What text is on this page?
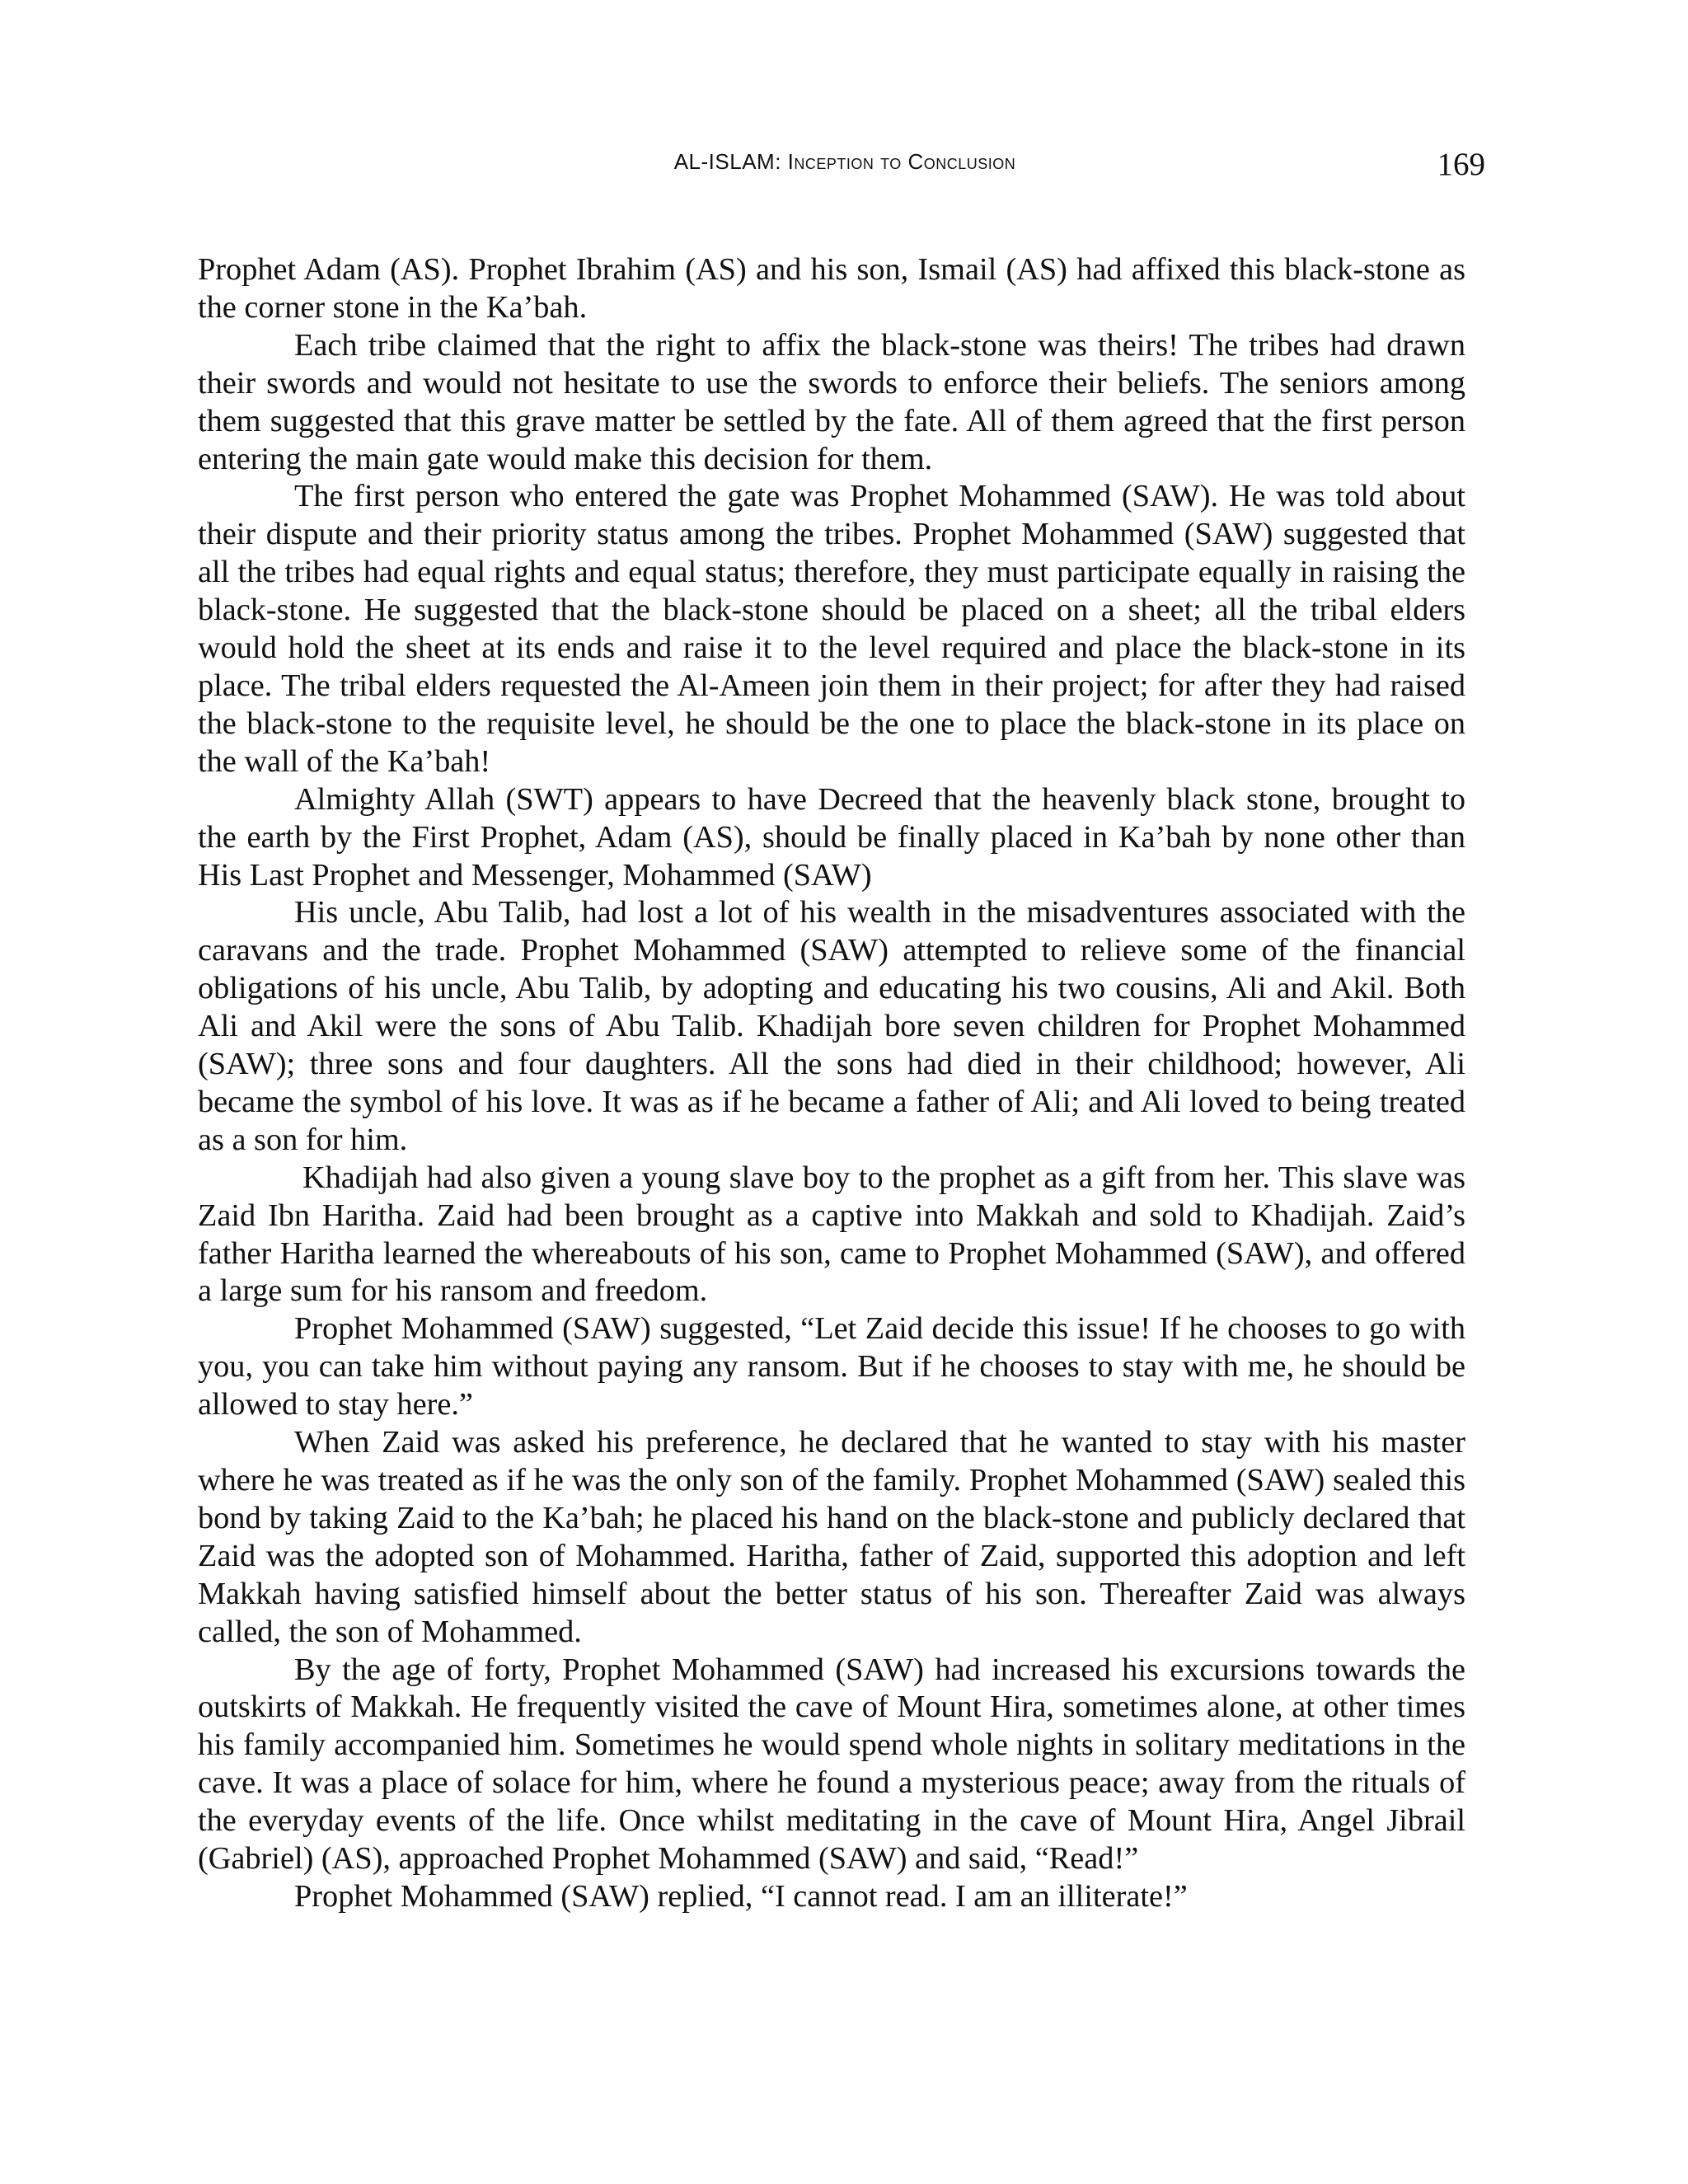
AL-ISLAM: Inception to Conclusion	169

Prophet Adam (AS). Prophet Ibrahim (AS) and his son, Ismail (AS) had affixed this black-stone as the corner stone in the Ka’bah.

Each tribe claimed that the right to affix the black-stone was theirs! The tribes had drawn their swords and would not hesitate to use the swords to enforce their beliefs. The seniors among them suggested that this grave matter be settled by the fate. All of them agreed that the first person entering the main gate would make this decision for them.

The first person who entered the gate was Prophet Mohammed (SAW). He was told about their dispute and their priority status among the tribes. Prophet Mohammed (SAW) suggested that all the tribes had equal rights and equal status; therefore, they must participate equally in raising the black-stone. He suggested that the black-stone should be placed on a sheet; all the tribal elders would hold the sheet at its ends and raise it to the level required and place the black-stone in its place. The tribal elders requested the Al-Ameen join them in their project; for after they had raised the black-stone to the requisite level, he should be the one to place the black-stone in its place on the wall of the Ka’bah!

Almighty Allah (SWT) appears to have Decreed that the heavenly black stone, brought to the earth by the First Prophet, Adam (AS), should be finally placed in Ka’bah by none other than His Last Prophet and Messenger, Mohammed (SAW)

His uncle, Abu Talib, had lost a lot of his wealth in the misadventures associated with the caravans and the trade. Prophet Mohammed (SAW) attempted to relieve some of the financial obligations of his uncle, Abu Talib, by adopting and educating his two cousins, Ali and Akil. Both Ali and Akil were the sons of Abu Talib. Khadijah bore seven children for Prophet Mohammed (SAW); three sons and four daughters. All the sons had died in their childhood; however, Ali became the symbol of his love. It was as if he became a father of Ali; and Ali loved to being treated as a son for him.

Khadijah had also given a young slave boy to the prophet as a gift from her. This slave was Zaid Ibn Haritha. Zaid had been brought as a captive into Makkah and sold to Khadijah. Zaid’s father Haritha learned the whereabouts of his son, came to Prophet Mohammed (SAW), and offered a large sum for his ransom and freedom.

Prophet Mohammed (SAW) suggested, “Let Zaid decide this issue! If he chooses to go with you, you can take him without paying any ransom. But if he chooses to stay with me, he should be allowed to stay here.”

When Zaid was asked his preference, he declared that he wanted to stay with his master where he was treated as if he was the only son of the family. Prophet Mohammed (SAW) sealed this bond by taking Zaid to the Ka’bah; he placed his hand on the black-stone and publicly declared that Zaid was the adopted son of Mohammed. Haritha, father of Zaid, supported this adoption and left Makkah having satisfied himself about the better status of his son. Thereafter Zaid was always called, the son of Mohammed.

By the age of forty, Prophet Mohammed (SAW) had increased his excursions towards the outskirts of Makkah. He frequently visited the cave of Mount Hira, sometimes alone, at other times his family accompanied him. Sometimes he would spend whole nights in solitary meditations in the cave. It was a place of solace for him, where he found a mysterious peace; away from the rituals of the everyday events of the life. Once whilst meditating in the cave of Mount Hira, Angel Jibrail (Gabriel) (AS), approached Prophet Mohammed (SAW) and said, “Read!”

Prophet Mohammed (SAW) replied, “I cannot read. I am an illiterate!”
